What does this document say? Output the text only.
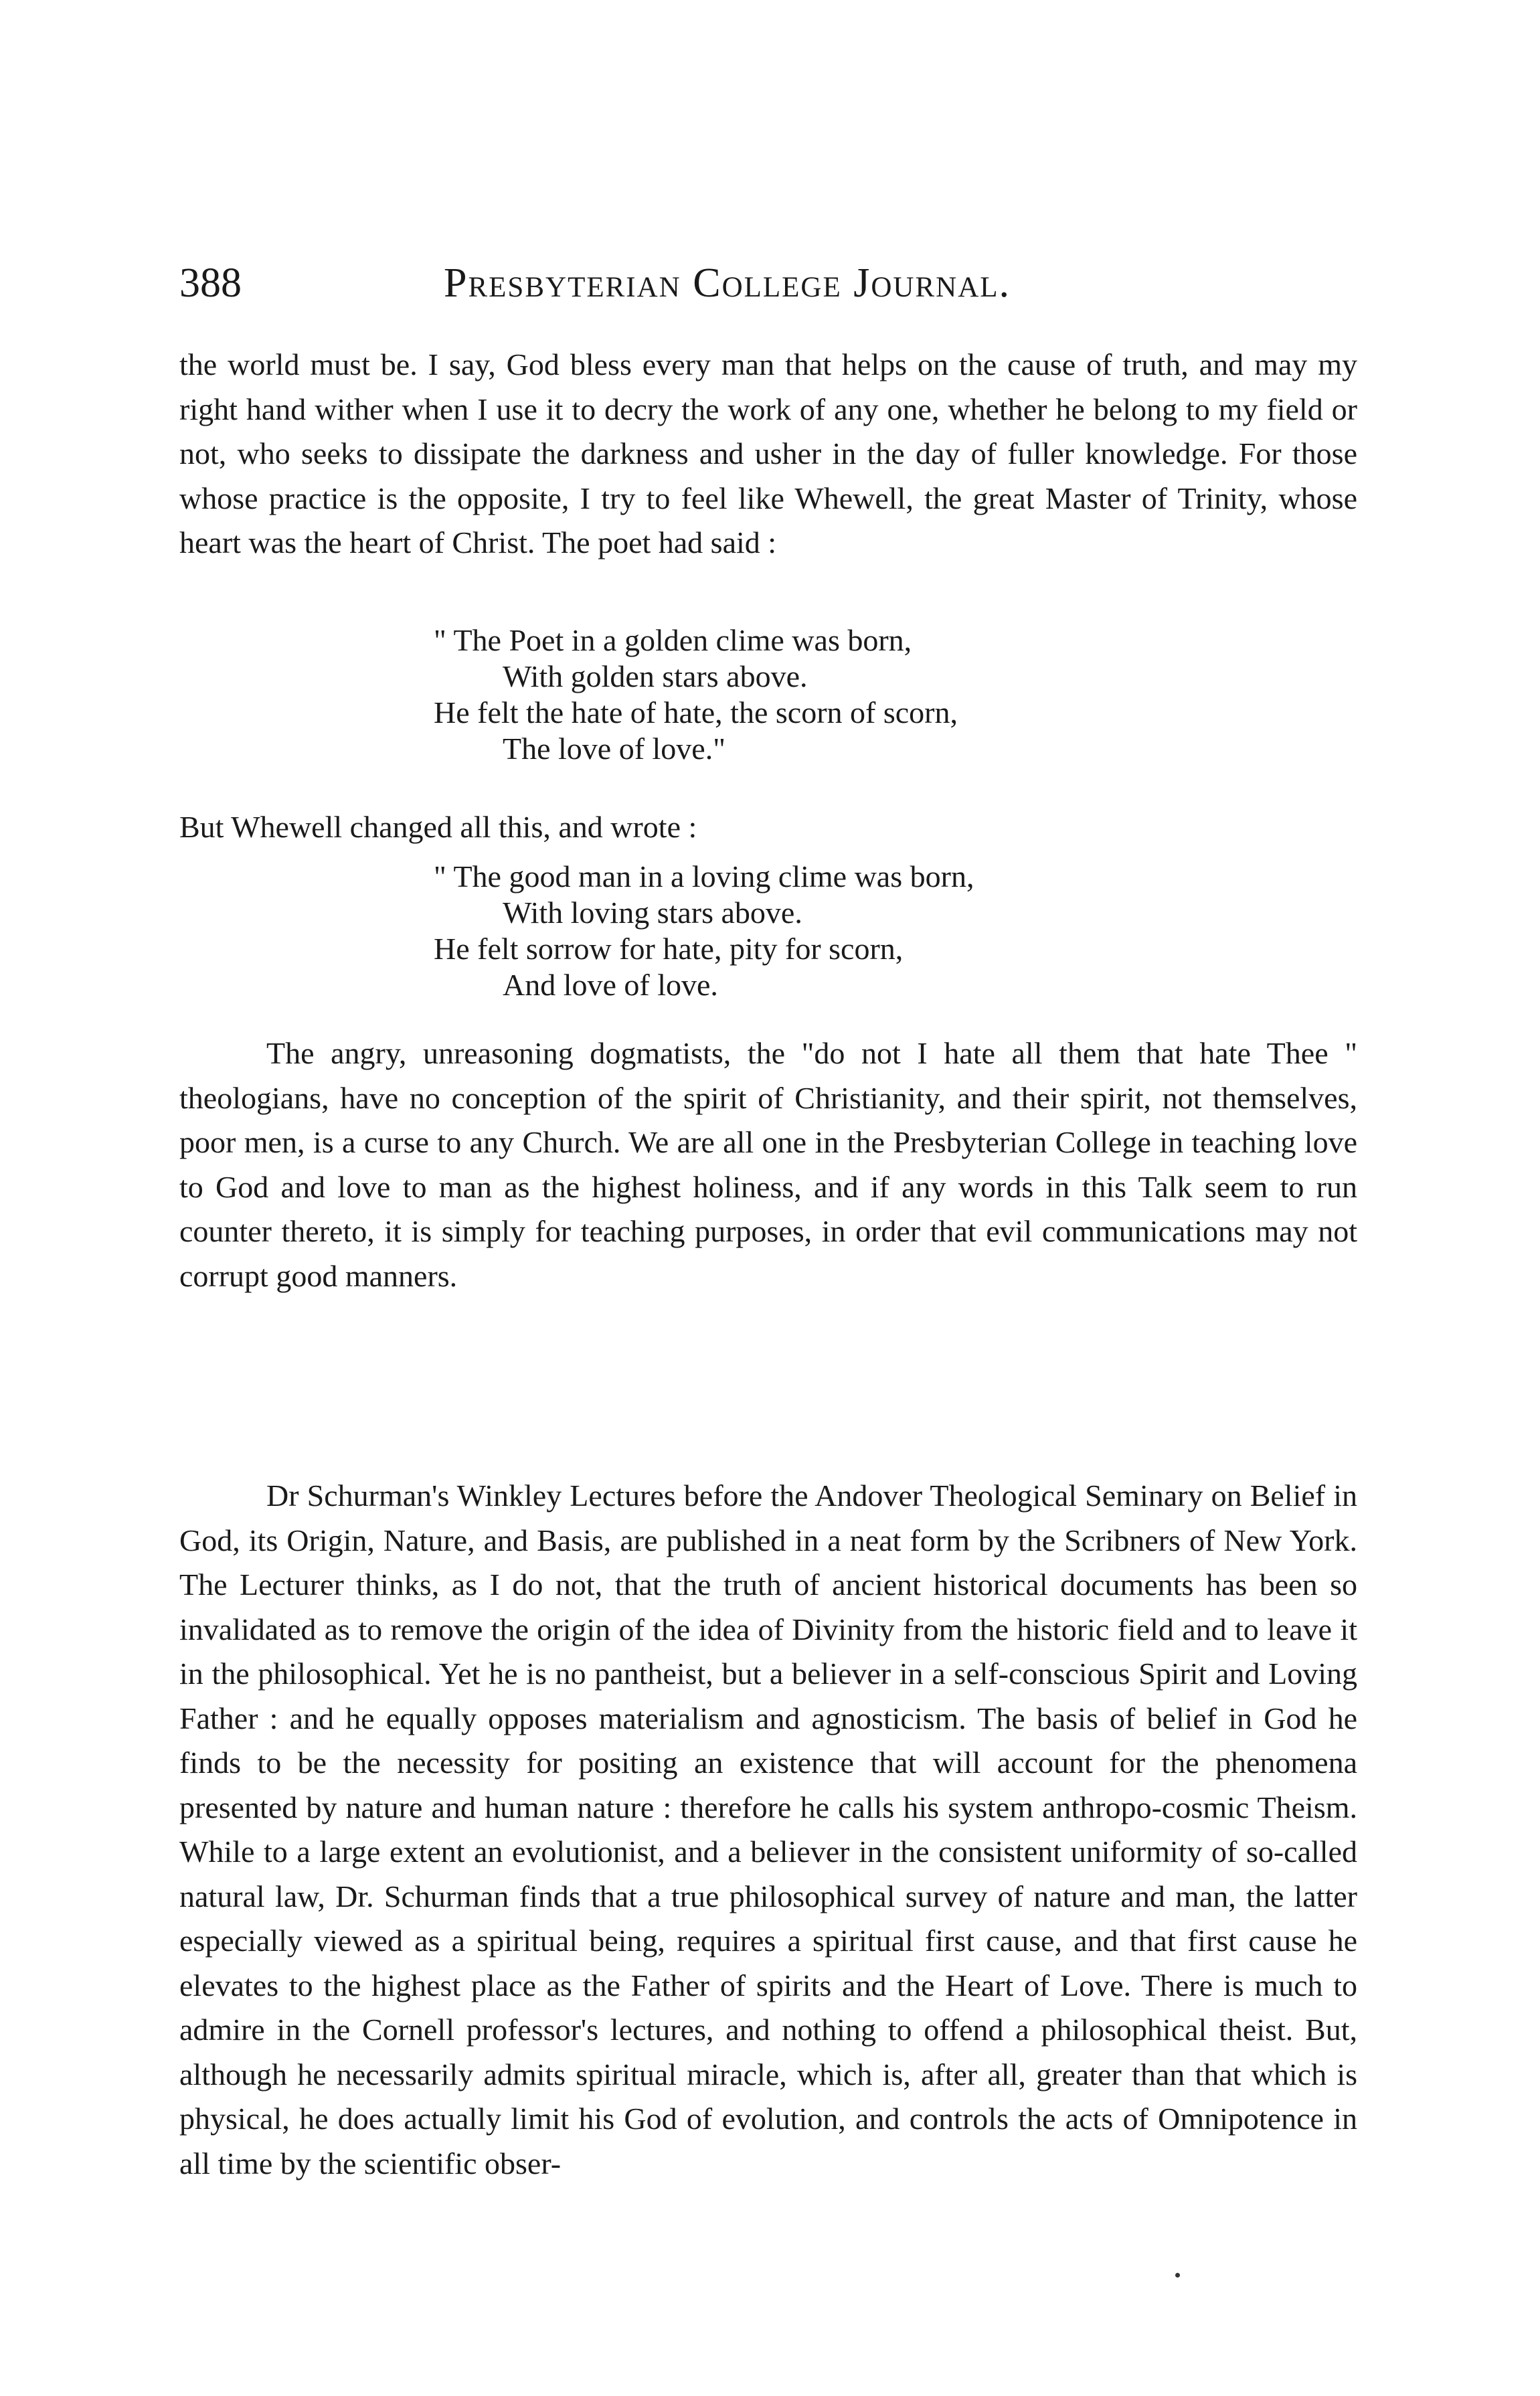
388	Presbyterian College Journal.

the world must be. I say, God bless every man that helps on the cause of truth, and may my right hand wither when I use it to decry the work of any one, whether he belong to my field or not, who seeks to dissipate the darkness and usher in the day of fuller knowledge. For those whose practice is the opposite, I try to feel like Whewell, the great Master of Trinity, whose heart was the heart of Christ. The poet had said :

" The Poet in a golden clime was born,
With golden stars above.
He felt the hate of hate, the scorn of scorn,
The love of love."

But Whewell changed all this, and wrote :

" The good man in a loving clime was born,
With loving stars above.
He felt sorrow for hate, pity for scorn,
And love of love.

The angry, unreasoning dogmatists, the "do not I hate all them that hate Thee " theologians, have no conception of the spirit of Christianity, and their spirit, not themselves, poor men, is a curse to any Church. We are all one in the Presbyterian College in teaching love to God and love to man as the highest holiness, and if any words in this Talk seem to run counter thereto, it is simply for teaching purposes, in order that evil communications may not corrupt good manners.

Dr Schurman's Winkley Lectures before the Andover Theological Seminary on Belief in God, its Origin, Nature, and Basis, are published in a neat form by the Scribners of New York. The Lecturer thinks, as I do not, that the truth of ancient historical documents has been so invalidated as to remove the origin of the idea of Divinity from the historic field and to leave it in the philosophical. Yet he is no pantheist, but a believer in a self-conscious Spirit and Loving Father : and he equally opposes materialism and agnosticism. The basis of belief in God he finds to be the necessity for positing an existence that will account for the phenomena presented by nature and human nature : therefore he calls his system anthropo-cosmic Theism. While to a large extent an evolutionist, and a believer in the consistent uniformity of so-called natural law, Dr. Schurman finds that a true philosophical survey of nature and man, the latter especially viewed as a spiritual being, requires a spiritual first cause, and that first cause he elevates to the highest place as the Father of spirits and the Heart of Love. There is much to admire in the Cornell professor's lectures, and nothing to offend a philosophical theist. But, although he necessarily admits spiritual miracle, which is, after all, greater than that which is physical, he does actually limit his God of evolution, and controls the acts of Omnipotence in all time by the scientific obser-
